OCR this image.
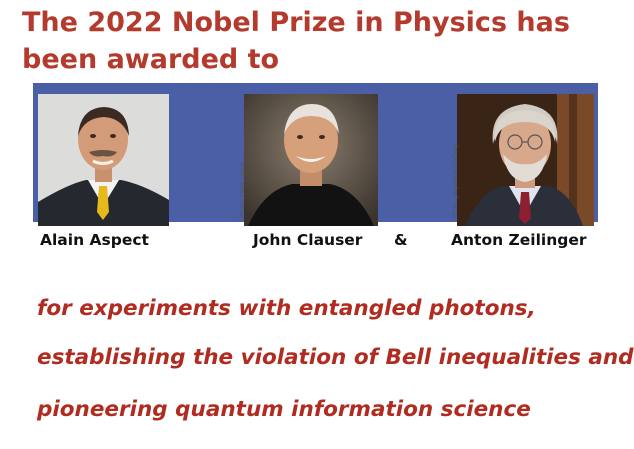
The 2022 Nobel Prize in Physics has
been awarded to
Photo: Peter Lyons	Photo: Jaqueline Godany
Alain Aspect	John Clauser &	Anton Zeilinger
for experiments with entangled photons,
establishing the violation of Bell inequalities and
pioneering quantum information science
